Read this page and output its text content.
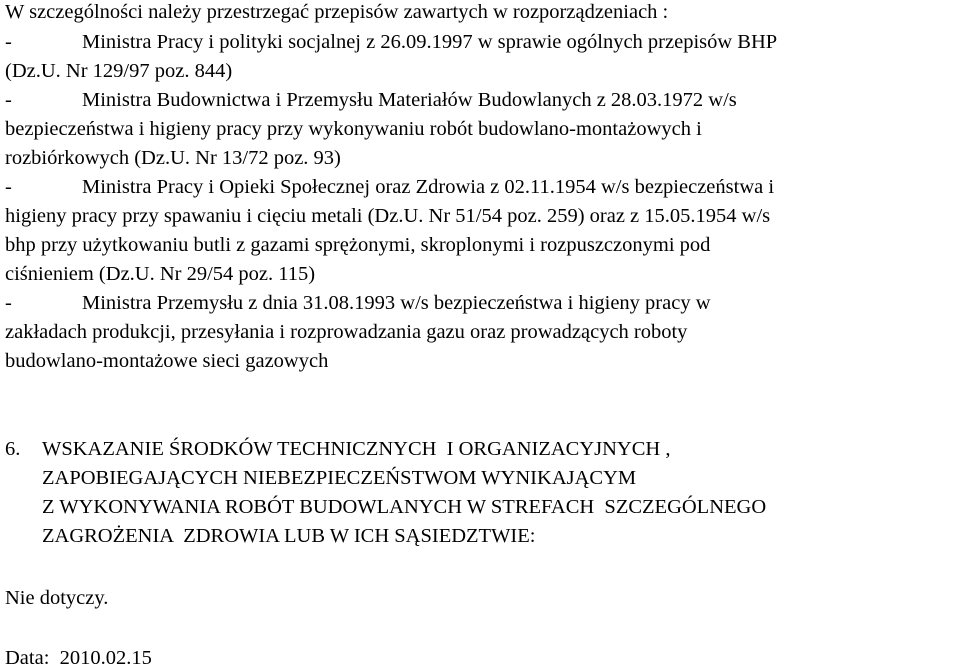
W szczególności należy przestrzegać przepisów zawartych w rozporządzeniach :
-	Ministra Pracy i polityki socjalnej z 26.09.1997 w sprawie ogólnych przepisów BHP
(Dz.U. Nr 129/97 poz. 844)
-	Ministra Budownictwa i Przemysłu Materiałów Budowlanych z 28.03.1972 w/s
bezpieczeństwa i higieny pracy przy wykonywaniu robót budowlano-montażowych i
rozbiórkowych (Dz.U. Nr 13/72 poz. 93)
-	Ministra Pracy i Opieki Społecznej oraz Zdrowia z 02.11.1954 w/s bezpieczeństwa i
higieny pracy przy spawaniu i cięciu metali (Dz.U. Nr 51/54 poz. 259) oraz z 15.05.1954 w/s
bhp przy użytkowaniu butli z gazami sprężonymi, skroplonymi i rozpuszczonymi pod
ciśnieniem (Dz.U. Nr 29/54 poz. 115)
-	Ministra Przemysłu z dnia 31.08.1993 w/s bezpieczeństwa i higieny pracy w
zakładach produkcji, przesyłania i rozprowadzania gazu oraz prowadzących roboty
budowlano-montażowe sieci gazowych
6. WSKAZANIE ŚRODKÓW TECHNICZNYCH  I ORGANIZACYJNYCH ,
ZAPOBIEGAJĄCYCH NIEBEZPIECZEŃSTWOM WYNIKAJĄCYM
Z WYKONYWANIA ROBÓT BUDOWLANYCH W STREFACH  SZCZEGÓLNEGO
ZAGROŻENIA  ZDROWIA LUB W ICH SĄSIEDZTWIE:
Nie dotyczy.
Data:  2010.02.15
